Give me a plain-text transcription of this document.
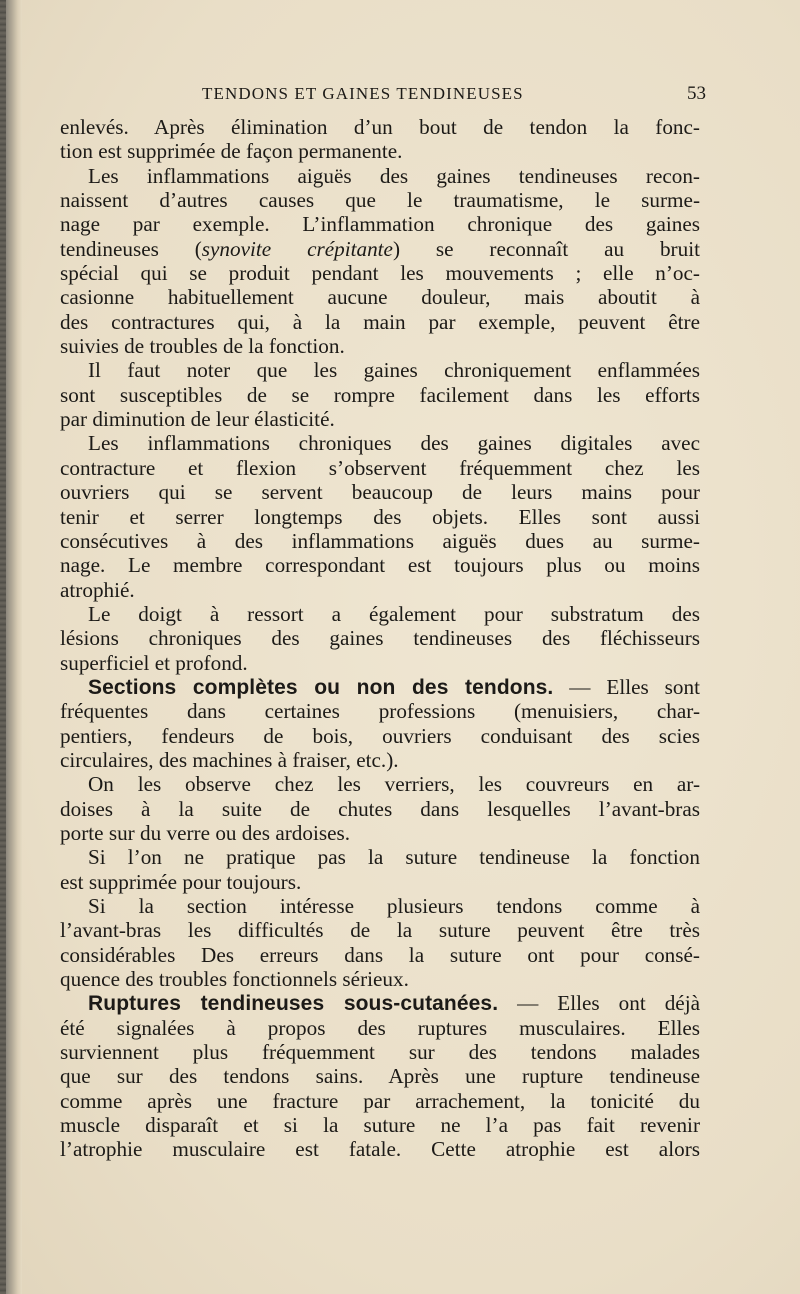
TENDONS ET GAINES TENDINEUSES	53
enlevés. Après élimination d’un bout de tendon la fonc-
tion est supprimée de façon permanente.
Les inflammations aiguës des gaines tendineuses recon-
naissent d’autres causes que le traumatisme, le surme-
nage par exemple. L’inflammation chronique des gaines
tendineuses (synovite crépitante) se reconnaît au bruit
spécial qui se produit pendant les mouvements ; elle n’oc-
casionne habituellement aucune douleur, mais aboutit à
des contractures qui, à la main par exemple, peuvent être
suivies de troubles de la fonction.
Il faut noter que les gaines chroniquement enflammées
sont susceptibles de se rompre facilement dans les efforts
par diminution de leur élasticité.
Les inflammations chroniques des gaines digitales avec
contracture et flexion s’observent fréquemment chez les
ouvriers qui se servent beaucoup de leurs mains pour
tenir et serrer longtemps des objets. Elles sont aussi
consécutives à des inflammations aiguës dues au surme-
nage. Le membre correspondant est toujours plus ou moins
atrophié.
Le doigt à ressort a également pour substratum des
lésions chroniques des gaines tendineuses des fléchisseurs
superficiel et profond.
Sections complètes ou non des tendons. — Elles sont
fréquentes dans certaines professions (menuisiers, char-
pentiers, fendeurs de bois, ouvriers conduisant des scies
circulaires, des machines à fraiser, etc.).
On les observe chez les verriers, les couvreurs en ar-
doises à la suite de chutes dans lesquelles l’avant-bras
porte sur du verre ou des ardoises.
Si l’on ne pratique pas la suture tendineuse la fonction
est supprimée pour toujours.
Si la section intéresse plusieurs tendons comme à
l’avant-bras les difficultés de la suture peuvent être très
considérables Des erreurs dans la suture ont pour consé-
quence des troubles fonctionnels sérieux.
Ruptures tendineuses sous-cutanées. — Elles ont déjà
été signalées à propos des ruptures musculaires. Elles
surviennent plus fréquemment sur des tendons malades
que sur des tendons sains. Après une rupture tendineuse
comme après une fracture par arrachement, la tonicité du
muscle disparaît et si la suture ne l’a pas fait revenir
l’atrophie musculaire est fatale. Cette atrophie est alors
